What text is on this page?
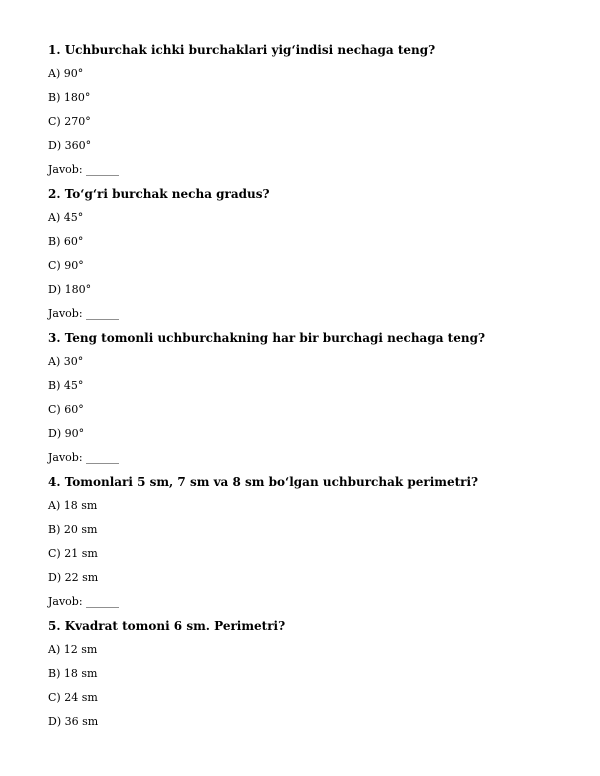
1. Uchburchak ichki burchaklari yig‘indisi nechaga teng?
A) 90°
B) 180°
C) 270°
D) 360°
Javob: ______
2. To‘g‘ri burchak necha gradus?
A) 45°
B) 60°
C) 90°
D) 180°
Javob: ______
3. Teng tomonli uchburchakning har bir burchagi nechaga teng?
A) 30°
B) 45°
C) 60°
D) 90°
Javob: ______
4. Tomonlari 5 sm, 7 sm va 8 sm bo‘lgan uchburchak perimetri?
A) 18 sm
B) 20 sm
C) 21 sm
D) 22 sm
Javob: ______
5. Kvadrat tomoni 6 sm. Perimetri?
A) 12 sm
B) 18 sm
C) 24 sm
D) 36 sm
